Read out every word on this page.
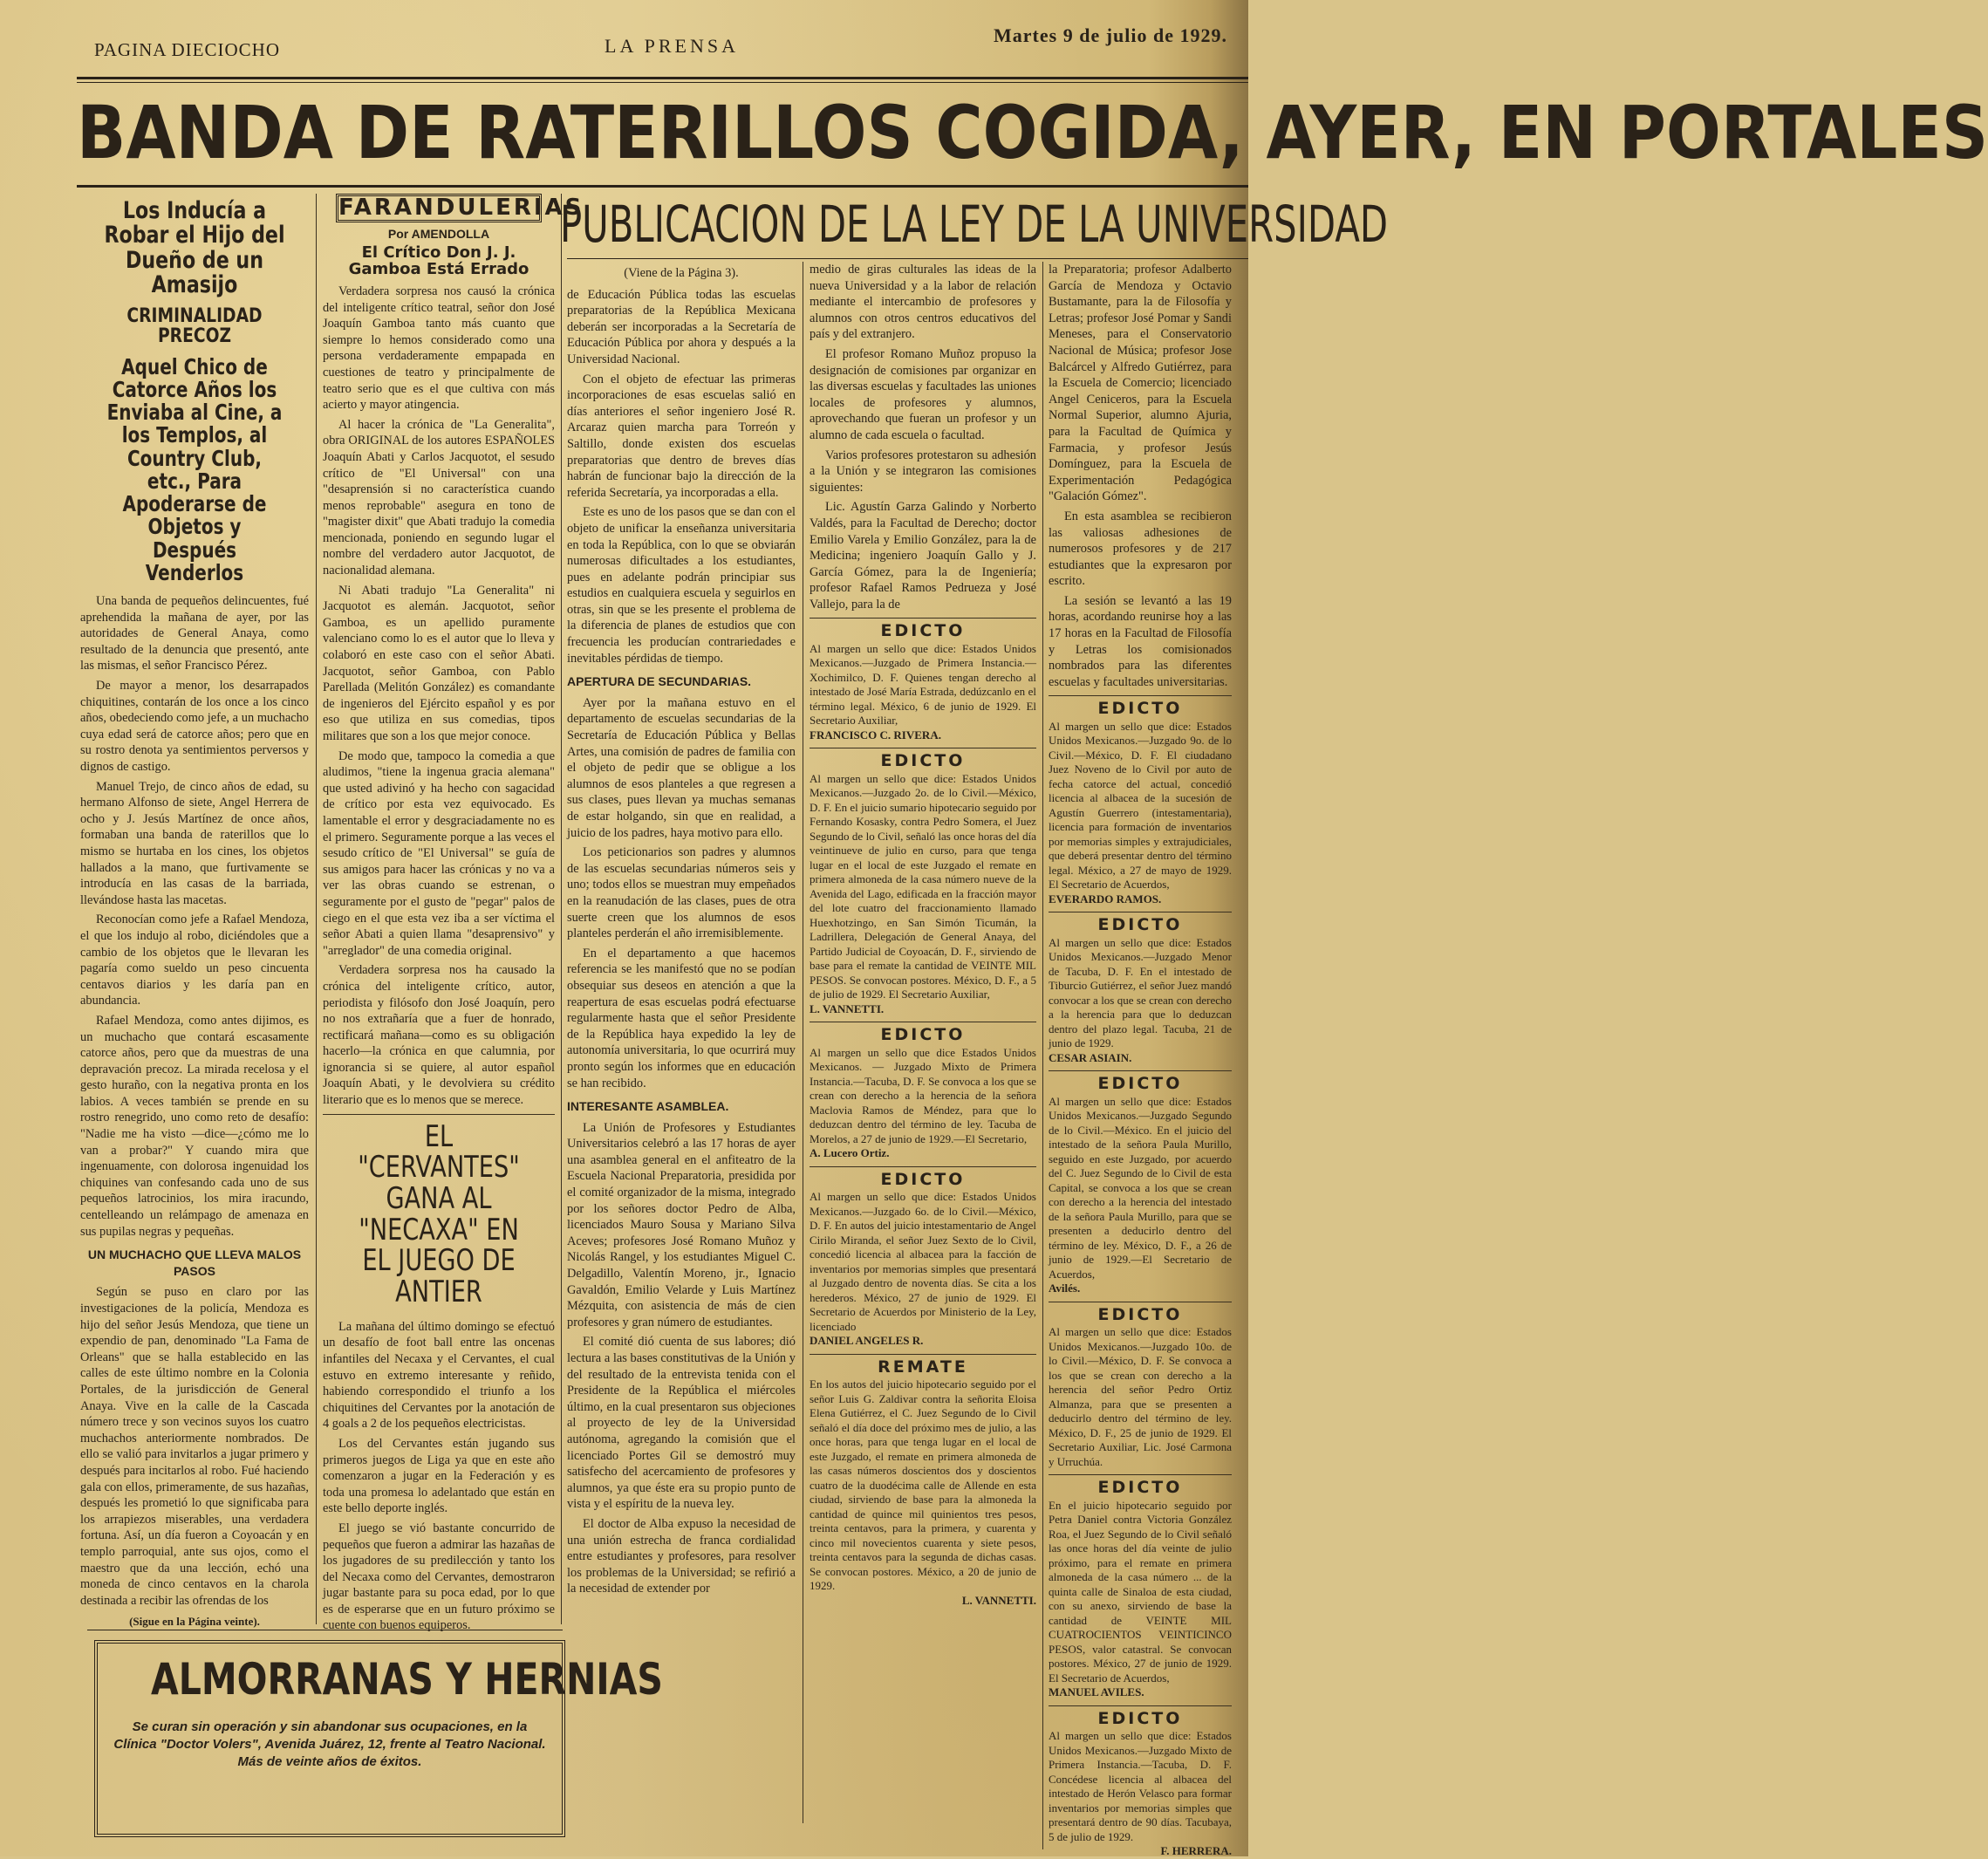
PAGINA DIECIOCHO	LA PRENSA	Martes 9 de julio de 1929.
BANDA DE RATERILLOS COGIDA, AYER, EN PORTALES
Los Inducía a Robar el Hijo del Dueño de un Amasijo
CRIMINALIDAD PRECOZ
Aquel Chico de Catorce Años los Enviaba al Cine, a los Templos, al Country Club, etc., Para Apoderarse de Objetos y Después Venderlos

Una banda de pequeños delincuentes, fué aprehendida la mañana de ayer, por las autoridades de General Anaya, como resultado de la denuncia que presentó, ante las mismas, el señor Francisco Pérez.

De mayor a menor, los desarrapados chiquitines, contarán de los once a los cinco años, obedeciendo como jefe, a un muchacho cuya edad será de catorce años; pero que en su rostro denota ya sentimientos perversos y dignos de castigo.

Manuel Trejo, de cinco años de edad, su hermano Alfonso de siete, Angel Herrera de ocho y J. Jesús Martínez de once años, formaban una banda de raterillos que lo mismo se hurtaba en los cines, los objetos hallados a la mano, que furtivamente se introducía en las casas de la barriada, llevándose hasta las macetas.

Reconocían como jefe a Rafael Mendoza, el que los indujo al robo, diciéndoles que a cambio de los objetos que le llevaran les pagaría como sueldo un peso cincuenta centavos diarios y les daría pan en abundancia.

Rafael Mendoza, como antes dijimos, es un muchacho que contará escasamente catorce años, pero que da muestras de una depravación precoz. La mirada recelosa y el gesto huraño, con la negativa pronta en los labios. A veces también se prende en su rostro renegrido, uno como reto de desafío: "Nadie me ha visto —dice—¿cómo me lo van a probar?" Y cuando mira que ingenuamente, con dolorosa ingenuidad los chiquines van confesando cada uno de sus pequeños latrocinios, los mira iracundo, centelleando un relámpago de amenaza en sus pupilas negras y pequeñas.

UN MUCHACHO QUE LLEVA MALOS PASOS

Según se puso en claro por las investigaciones de la policía, Mendoza es hijo del señor Jesús Mendoza, que tiene un expendio de pan, denominado "La Fama de Orleans" que se halla establecido en las calles de este último nombre en la Colonia Portales, de la jurisdicción de General Anaya. Vive en la calle de la Cascada número trece y son vecinos suyos los cuatro muchachos anteriormente nombrados. De ello se valió para invitarlos a jugar primero y después para incitarlos al robo. Fué haciendo gala con ellos, primeramente, de sus hazañas, después les prometió lo que significaba para los arrapiezos miserables, una verdadera fortuna. Así, un día fueron a Coyoacán y en templo parroquial, ante sus ojos, como el maestro que da una lección, echó una moneda de cinco centavos en la charola destinada a recibir las ofrendas de los

(Sigue en la Página veinte).
FARANDULERIAS
Por AMENDOLLA
El Crítico Don J. J. Gamboa Está Errado

Verdadera sorpresa nos causó la crónica del inteligente crítico teatral, señor don José Joaquín Gamboa tanto más cuanto que siempre lo hemos considerado como una persona verdaderamente empapada en cuestiones de teatro y principalmente de teatro serio que es el que cultiva con más acierto y mayor atingencia.

Al hacer la crónica de "La Generalita", obra ORIGINAL de los autores ESPAÑOLES Joaquín Abati y Carlos Jacquotot, el sesudo crítico de "El Universal" con una "desaprensión si no característica cuando menos reprobable" asegura en tono de "magister dixit" que Abati tradujo la comedia mencionada, poniendo en segundo lugar el nombre del verdadero autor Jacquotot, de nacionalidad alemana.

Ni Abati tradujo "La Generalita" ni Jacquotot es alemán. Jacquotot, señor Gamboa, es un apellido puramente valenciano como lo es el autor que lo lleva y colaboró en este caso con el señor Abati. Jacquotot, señor Gamboa, con Pablo Parellada (Melitón González) es comandante de ingenieros del Ejército español y es por eso que utiliza en sus comedias, tipos militares que son a los que mejor conoce.

De modo que, tampoco la comedia a que aludimos, "tiene la ingenua gracia alemana" que usted adivinó y ha hecho con sagacidad de crítico por esta vez equivocado. Es lamentable el error y desgraciadamente no es el primero. Seguramente porque a las veces el sesudo crítico de "El Universal" se guía de sus amigos para hacer las crónicas y no va a ver las obras cuando se estrenan, o seguramente por el gusto de "pegar" palos de ciego en el que esta vez iba a ser víctima el señor Abati a quien llama "desaprensivo" y "arreglador" de una comedia original.

Verdadera sorpresa nos ha causado la crónica del inteligente crítico, autor, periodista y filósofo don José Joaquín, pero no nos extrañaría que a fuer de honrado, rectificará mañana—como es su obligación hacerlo—la crónica en que calumnia, por ignorancia si se quiere, al autor español Joaquín Abati, y le devolviera su crédito literario que es lo menos que se merece.

EL "CERVANTES" GANA AL "NECAXA" EN EL JUEGO DE ANTIER

La mañana del último domingo se efectuó un desafío de foot ball entre las oncenas infantiles del Necaxa y el Cervantes, el cual estuvo en extremo interesante y reñido, habiendo correspondido el triunfo a los chiquitines del Cervantes por la anotación de 4 goals a 2 de los pequeños electricistas.

Los del Cervantes están jugando sus primeros juegos de Liga ya que en este año comenzaron a jugar en la Federación y es toda una promesa lo adelantado que están en este bello deporte inglés.

El juego se vió bastante concurrido de pequeños que fueron a admirar las hazañas de los jugadores de su predilección y tanto los del Necaxa como del Cervantes, demostraron jugar bastante para su poca edad, por lo que es de esperarse que en un futuro próximo se cuente con buenos equiperos.

PUBLICACION DE LA LEY DE LA UNIVERSIDAD
(Viene de la Página 3).

de Educación Pública todas las escuelas preparatorias de la República Mexicana deberán ser incorporadas a la Secretaría de Educación Pública por ahora y después a la Universidad Nacional.

Con el objeto de efectuar las primeras incorporaciones de esas escuelas salió en días anteriores el señor ingeniero José R. Arcaraz quien marcha para Torreón y Saltillo, donde existen dos escuelas preparatorias que dentro de breves días habrán de funcionar bajo la dirección de la referida Secretaría, ya incorporadas a ella.

Este es uno de los pasos que se dan con el objeto de unificar la enseñanza universitaria en toda la República, con lo que se obviarán numerosas dificultades a los estudiantes, pues en adelante podrán principiar sus estudios en cualquiera escuela y seguirlos en otras, sin que se les presente el problema de la diferencia de planes de estudios que con frecuencia les producían contrariedades e inevitables pérdidas de tiempo.

APERTURA DE SECUNDARIAS.

Ayer por la mañana estuvo en el departamento de escuelas secundarias de la Secretaría de Educación Pública y Bellas Artes, una comisión de padres de familia con el objeto de pedir que se obligue a los alumnos de esos planteles a que regresen a sus clases, pues llevan ya muchas semanas de estar holgando, sin que en realidad, a juicio de los padres, haya motivo para ello.

Los peticionarios son padres y alumnos de las escuelas secundarias números seis y uno; todos ellos se muestran muy empeñados en la reanudación de las clases, pues de otra suerte creen que los alumnos de esos planteles perderán el año irremisiblemente.

En el departamento a que hacemos referencia se les manifestó que no se podían obsequiar sus deseos en atención a que la reapertura de esas escuelas podrá efectuarse regularmente hasta que el señor Presidente de la República haya expedido la ley de autonomía universitaria, lo que ocurrirá muy pronto según los informes que en educación se han recibido.

INTERESANTE ASAMBLEA.

La Unión de Profesores y Estudiantes Universitarios celebró a las 17 horas de ayer una asamblea general en el anfiteatro de la Escuela Nacional Preparatoria, presidida por el comité organizador de la misma, integrado por los señores doctor Pedro de Alba, licenciados Mauro Sousa y Mariano Silva Aceves; profesores José Romano Muñoz y Nicolás Rangel, y los estudiantes Miguel C. Delgadillo, Valentín Moreno, jr., Ignacio Gavaldón, Emilio Velarde y Luis Martínez Mézquita, con asistencia de más de cien profesores y gran número de estudiantes.

El comité dió cuenta de sus labores; dió lectura a las bases constitutivas de la Unión y del resultado de la entrevista tenida con el Presidente de la República el miércoles último, en la cual presentaron sus objeciones al proyecto de ley de la Universidad autónoma, agregando la comisión que el licenciado Portes Gil se demostró muy satisfecho del acercamiento de profesores y alumnos, ya que éste era su propio punto de vista y el espíritu de la nueva ley.

El doctor de Alba expuso la necesidad de una unión estrecha de franca cordialidad entre estudiantes y profesores, para resolver los problemas de la Universidad; se refirió a la necesidad de extender por

medio de giras culturales las ideas de la nueva Universidad y a la labor de relación mediante el intercambio de profesores y alumnos con otros centros educativos del país y del extranjero.

El profesor Romano Muñoz propuso la designación de comisiones par organizar en las diversas escuelas y facultades las uniones locales de profesores y alumnos, aprovechando que fueran un profesor y un alumno de cada escuela o facultad.

Varios profesores protestaron su adhesión a la Unión y se integraron las comisiones siguientes:

Lic. Agustín Garza Galindo y Norberto Valdés, para la Facultad de Derecho; doctor Emilio Varela y Emilio González, para la de Medicina; ingeniero Joaquín Gallo y J. García Gómez, para la de Ingeniería; profesor Rafael Ramos Pedrueza y José Vallejo, para la de

EDICTO
Al margen un sello que dice: Estados Unidos Mexicanos.—Juzgado de Primera Instancia.—Xochimilco, D. F. Quienes tengan derecho al intestado de José María Estrada, dedúzcanlo en el término legal. México, 6 de junio de 1929. El Secretario Auxiliar,
FRANCISCO C. RIVERA.
EDICTO
Al margen un sello que dice: Estados Unidos Mexicanos.—Juzgado 2o. de lo Civil.—México, D. F. En el juicio sumario hipotecario seguido por Fernando Kosasky, contra Pedro Somera, el Juez Segundo de lo Civil, señaló las once horas del día veintinueve de julio en curso, para que tenga lugar en el local de este Juzgado el remate en primera almoneda de la casa número nueve de la Avenida del Lago, edificada en la fracción mayor del lote cuatro del fraccionamiento llamado Huexhotzingo, en San Simón Ticumán, la Ladrillera, Delegación de General Anaya, del Partido Judicial de Coyoacán, D. F., sirviendo de base para el remate la cantidad de VEINTE MIL PESOS. Se convocan postores. México, D. F., a 5 de julio de 1929. El Secretario Auxiliar,
L. VANNETTI.
EDICTO
Al margen un sello que dice Estados Unidos Mexicanos. — Juzgado Mixto de Primera Instancia.—Tacuba, D. F. Se convoca a los que se crean con derecho a la herencia de la señora Maclovia Ramos de Méndez, para que lo deduzcan dentro del término de ley. Tacuba de Morelos, a 27 de junio de 1929.—El Secretario,
A. Lucero Ortiz.
EDICTO
Al margen un sello que dice: Estados Unidos Mexicanos.—Juzgado 6o. de lo Civil.—México, D. F. En autos del juicio intestamentario de Angel Cirilo Miranda, el señor Juez Sexto de lo Civil, concedió licencia al albacea para la facción de inventarios por memorias simples que presentará al Juzgado dentro de noventa días. Se cita a los herederos. México, 27 de junio de 1929. El Secretario de Acuerdos por Ministerio de la Ley, licenciado
DANIEL ANGELES R.
REMATE
En los autos del juicio hipotecario seguido por el señor Luis G. Zaldivar contra la señorita Eloisa Elena Gutiérrez, el C. Juez Segundo de lo Civil señaló el día doce del próximo mes de julio, a las once horas, para que tenga lugar en el local de este Juzgado, el remate en primera almoneda de las casas números doscientos dos y doscientos cuatro de la duodécima calle de Allende en esta ciudad, sirviendo de base para la almoneda la cantidad de quince mil quinientos tres pesos, treinta centavos, para la primera, y cuarenta y cinco mil novecientos cuarenta y siete pesos, treinta centavos para la segunda de dichas casas. Se convocan postores. México, a 20 de junio de 1929.
L. VANNETTI.

la Preparatoria; profesor Adalberto García de Mendoza y Octavio Bustamante, para la de Filosofía y Letras; profesor José Pomar y Sandi Meneses, para el Conservatorio Nacional de Música; profesor Jose Balcárcel y Alfredo Gutiérrez, para la Escuela de Comercio; licenciado Angel Ceniceros, para la Escuela Normal Superior, alumno Ajuria, para la Facultad de Química y Farmacia, y profesor Jesús Domínguez, para la Escuela de Experimentación Pedagógica "Galación Gómez".

En esta asamblea se recibieron las valiosas adhesiones de numerosos profesores y de 217 estudiantes que la expresaron por escrito.

La sesión se levantó a las 19 horas, acordando reunirse hoy a las 17 horas en la Facultad de Filosofía y Letras los comisionados nombrados para las diferentes escuelas y facultades universitarias.

EDICTO
Al margen un sello que dice: Estados Unidos Mexicanos.—Juzgado 9o. de lo Civil.—México, D. F. El ciudadano Juez Noveno de lo Civil por auto de fecha catorce del actual, concedió licencia al albacea de la sucesión de Agustín Guerrero (intestamentaria), licencia para formación de inventarios por memorias simples y extrajudiciales, que deberá presentar dentro del término legal. México, a 27 de mayo de 1929. El Secretario de Acuerdos,
EVERARDO RAMOS.
EDICTO
Al margen un sello que dice: Estados Unidos Mexicanos.—Juzgado Menor de Tacuba, D. F. En el intestado de Tiburcio Gutiérrez, el señor Juez mandó convocar a los que se crean con derecho a la herencia para que lo deduzcan dentro del plazo legal. Tacuba, 21 de junio de 1929.
CESAR ASIAIN.
EDICTO
Al margen un sello que dice: Estados Unidos Mexicanos.—Juzgado Segundo de lo Civil.—México. En el juicio del intestado de la señora Paula Murillo, seguido en este Juzgado, por acuerdo del C. Juez Segundo de lo Civil de esta Capital, se convoca a los que se crean con derecho a la herencia del intestado de la señora Paula Murillo, para que se presenten a deducirlo dentro del término de ley. México, D. F., a 26 de junio de 1929.—El Secretario de Acuerdos,
Avilés.
EDICTO
Al margen un sello que dice: Estados Unidos Mexicanos.—Juzgado 10o. de lo Civil.—México, D. F. Se convoca a los que se crean con derecho a la herencia del señor Pedro Ortiz Almanza, para que se presenten a deducirlo dentro del término de ley. México, D. F., 25 de junio de 1929. El Secretario Auxiliar, Lic. José Carmona y Urruchúa.
EDICTO
En el juicio hipotecario seguido por Petra Daniel contra Victoria González Roa, el Juez Segundo de lo Civil señaló las once horas del día veinte de julio próximo, para el remate en primera almoneda de la casa número ... de la quinta calle de Sinaloa de esta ciudad, con su anexo, sirviendo de base la cantidad de VEINTE MIL CUATROCIENTOS VEINTICINCO PESOS, valor catastral. Se convocan postores. México, 27 de junio de 1929. El Secretario de Acuerdos,
MANUEL AVILES.
EDICTO
Al margen un sello que dice: Estados Unidos Mexicanos.—Juzgado Mixto de Primera Instancia.—Tacuba, D. F. Concédese licencia al albacea del intestado de Herón Velasco para formar inventarios por memorias simples que presentará dentro de 90 días. Tacubaya, 5 de julio de 1929.
F. HERRERA.
ALMORRANAS Y HERNIAS
Se curan sin operación y sin abandonar sus ocupaciones, en la Clínica "Doctor Volers", Avenida Juárez, 12, frente al Teatro Nacional. Más de veinte años de éxitos.
